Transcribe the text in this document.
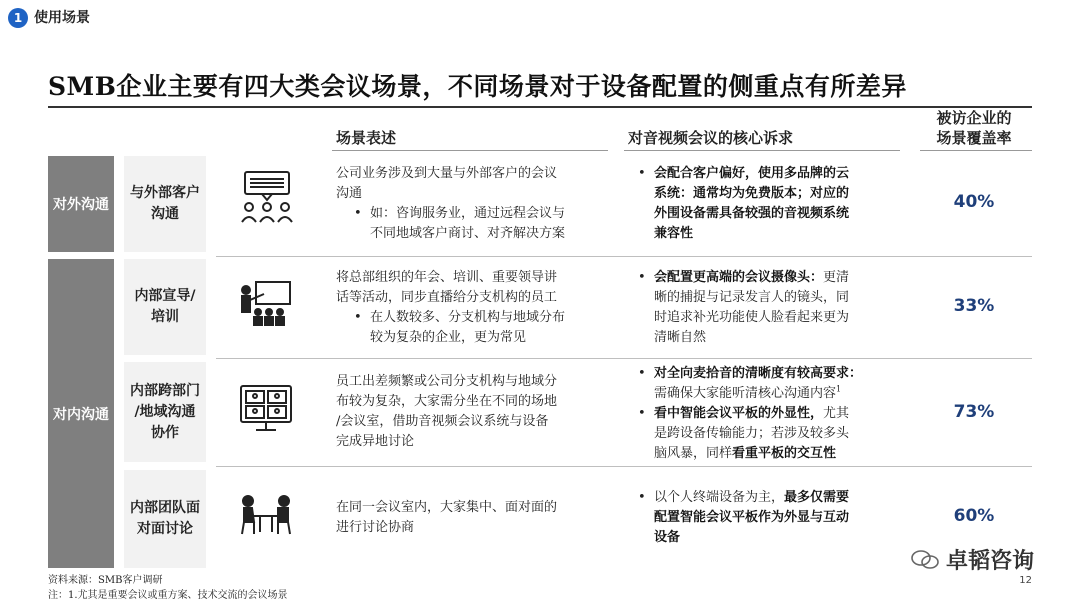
1 使用场景
SMB企业主要有四大类会议场景，不同场景对于设备配置的侧重点有所差异
场景表述	对音视频会议的核心诉求
被访企业的
场景覆盖率
对外沟通
对内沟通
与外部客户
沟通
内部宣导/
培训
内部跨部门
/地域沟通
协作
内部团队面
对面讨论
公司业务涉及到大量与外部客户的会议
沟通
• 如：咨询服务业，通过远程会议与
不同地域客户商讨、对齐解决方案
• 会配合客户偏好，使用多品牌的云
系统：通常均为免费版本；对应的
外围设备需具备较强的音视频系统
兼容性
40%
将总部组织的年会、培训、重要领导讲
话等活动，同步直播给分支机构的员工
• 在人数较多、分支机构与地域分布
较为复杂的企业，更为常见
• 会配置更高端的会议摄像头：更清
晰的捕捉与记录发言人的镜头，同
时追求补光功能使人脸看起来更为
清晰自然
33%
员工出差频繁或公司分支机构与地域分
布较为复杂，大家需分坐在不同的场地
/会议室，借助音视频会议系统与设备
完成异地讨论
• 对全向麦拾音的清晰度有较高要求：
需确保大家能听清核心沟通内容$^1$
• 看中智能会议平板的外显性，尤其
是跨设备传输能力；若涉及较多头
脑风暴，同样看重平板的交互性
73%
在同一会议室内，大家集中、面对面的
进行讨论协商
• 以个人终端设备为主，最多仅需要
配置智能会议平板作为外显与互动
设备
60%
资料来源：SMB客户调研
注：1.尤其是重要会议或重方案、技术交流的会议场景
12
卓韬咨询
